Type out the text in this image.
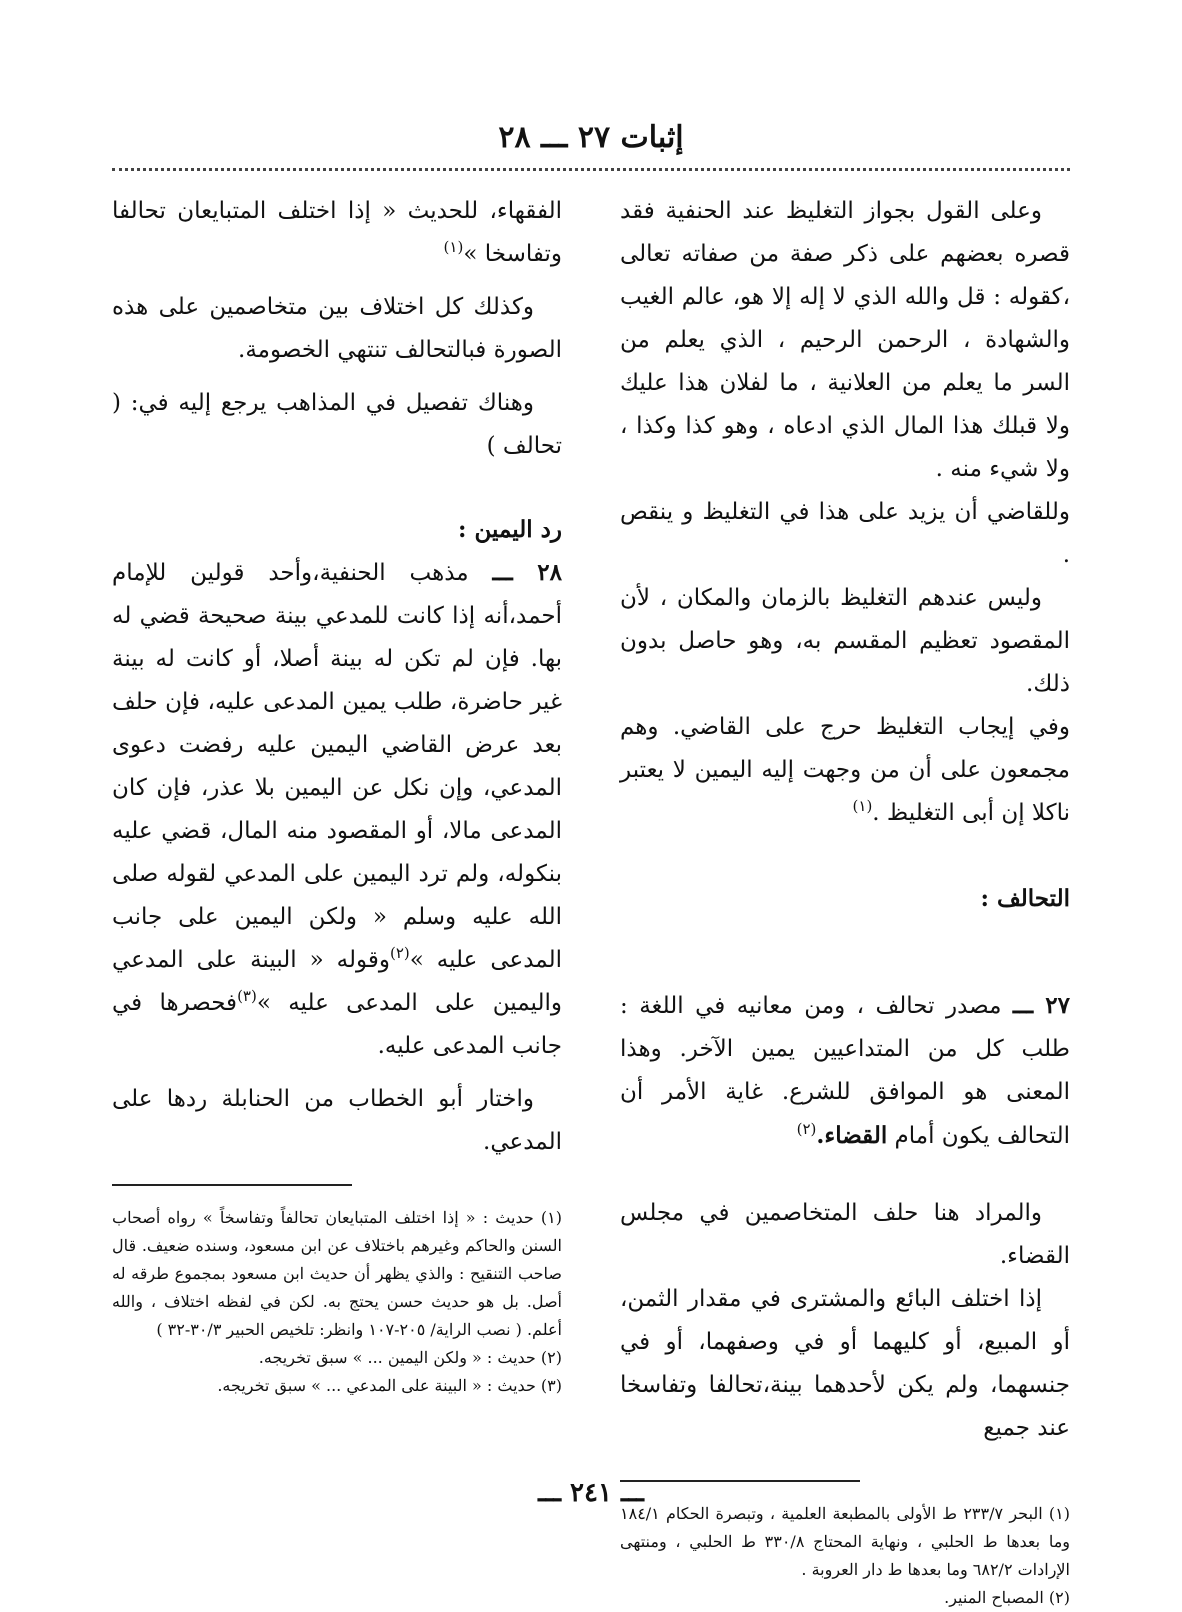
إثبات ٢٧ ـــ ٢٨

وعلى القول بجواز التغليظ عند الحنفية فقد قصره بعضهم على ذكر صفة من صفاته تعالى ،كقوله : قل والله الذي لا إله إلا هو، عالم الغيب والشهادة ، الرحمن الرحيم ، الذي يعلم من السر ما يعلم من العلانية ، ما لفلان هذا عليك ولا قبلك هذا المال الذي ادعاه ، وهو كذا وكذا ، ولا شيء منه .

وللقاضي أن يزيد على هذا في التغليظ و ينقص .

وليس عندهم التغليظ بالزمان والمكان ، لأن المقصود تعظيم المقسم به، وهو حاصل بدون ذلك.

وفي إيجاب التغليظ حرج على القاضي. وهم مجمعون على أن من وجهت إليه اليمين لا يعتبر ناكلا إن أبى التغليظ .$^{(١)}$

التحالف :

٢٧ ـــ مصدر تحالف ، ومن معانيه في اللغة : طلب كل من المتداعيين يمين الآخر. وهذا المعنى هو الموافق للشرع. غاية الأمر أن التحالف يكون أمام القضاء.$^{(٢)}$

والمراد هنا حلف المتخاصمين في مجلس القضاء.

إذا اختلف البائع والمشترى في مقدار الثمن، أو المبيع، أو كليهما أو في وصفهما، أو في جنسهما، ولم يكن لأحدهما بينة،تحالفا وتفاسخا عند جميع

(١) البحر ٢٣٣/٧ ط الأولى بالمطبعة العلمية ، وتبصرة الحكام ١٨٤/١ وما بعدها ط الحلبي ، ونهاية المحتاج ٣٣٠/٨ ط الحلبي ، ومنتهى الإرادات ٦٨٢/٢ وما بعدها ط دار العروبة .
(٢) المصباح المنير.

الفقهاء، للحديث « إذا اختلف المتبايعان تحالفا وتفاسخا »$^{(١)}$

وكذلك كل اختلاف بين متخاصمين على هذه الصورة فبالتحالف تنتهي الخصومة.

وهناك تفصيل في المذاهب يرجع إليه في: ( تحالف )

رد اليمين :

٢٨ ـــ مذهب الحنفية،وأحد قولين للإمام أحمد،أنه إذا كانت للمدعي بينة صحيحة قضي له بها. فإن لم تكن له بينة أصلا، أو كانت له بينة غير حاضرة، طلب يمين المدعى عليه، فإن حلف بعد عرض القاضي اليمين عليه رفضت دعوى المدعي، وإن نكل عن اليمين بلا عذر، فإن كان المدعى مالا، أو المقصود منه المال، قضي عليه بنكوله، ولم ترد اليمين على المدعي لقوله صلى الله عليه وسلم « ولكن اليمين على جانب المدعى عليه »$^{(٢)}$وقوله « البينة على المدعي واليمين على المدعى عليه »$^{(٣)}$فحصرها في جانب المدعى عليه.

واختار أبو الخطاب من الحنابلة ردها على المدعي.

(١) حديث : « إذا اختلف المتبايعان تحالفاً وتفاسخاً » رواه أصحاب السنن والحاكم وغيرهم باختلاف عن ابن مسعود، وسنده ضعيف. قال صاحب التنقيح : والذي يظهر أن حديث ابن مسعود بمجموع طرقه له أصل. بل هو حديث حسن يحتج به. لكن في لفظه اختلاف ، والله أعلم. ( نصب الراية/ ٢٠٥-١٠٧ وانظر: تلخيص الحبير ٣٠/٣-٣٢ )
(٢) حديث : « ولكن اليمين ... » سبق تخريجه.
(٣) حديث : « البينة على المدعي ... » سبق تخريجه.
ـــ ٢٤١ ـــ
